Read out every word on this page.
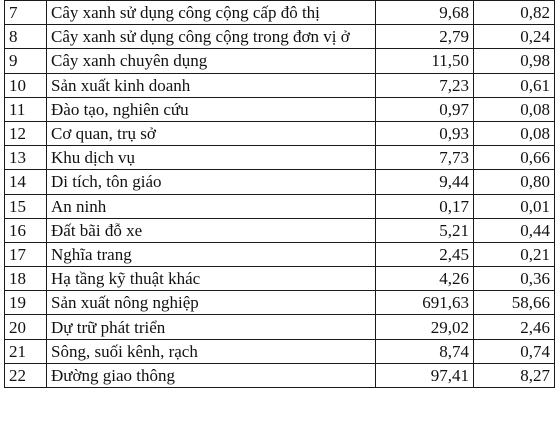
7	Cây xanh sử dụng công cộng cấp đô thị	9,68	0,82
8	Cây xanh sử dụng công cộng trong đơn vị ở	2,79	0,24
9	Cây xanh chuyên dụng	11,50	0,98
10	Sản xuất kinh doanh	7,23	0,61
11	Đào tạo, nghiên cứu	0,97	0,08
12	Cơ quan, trụ sở	0,93	0,08
13	Khu dịch vụ	7,73	0,66
14	Di tích, tôn giáo	9,44	0,80
15	An ninh	0,17	0,01
16	Đất bãi đỗ xe	5,21	0,44
17	Nghĩa trang	2,45	0,21
18	Hạ tầng kỹ thuật khác	4,26	0,36
19	Sản xuất nông nghiệp	691,63	58,66
20	Dự trữ phát triển	29,02	2,46
21	Sông, suối kênh, rạch	8,74	0,74
22	Đường giao thông	97,41	8,27
